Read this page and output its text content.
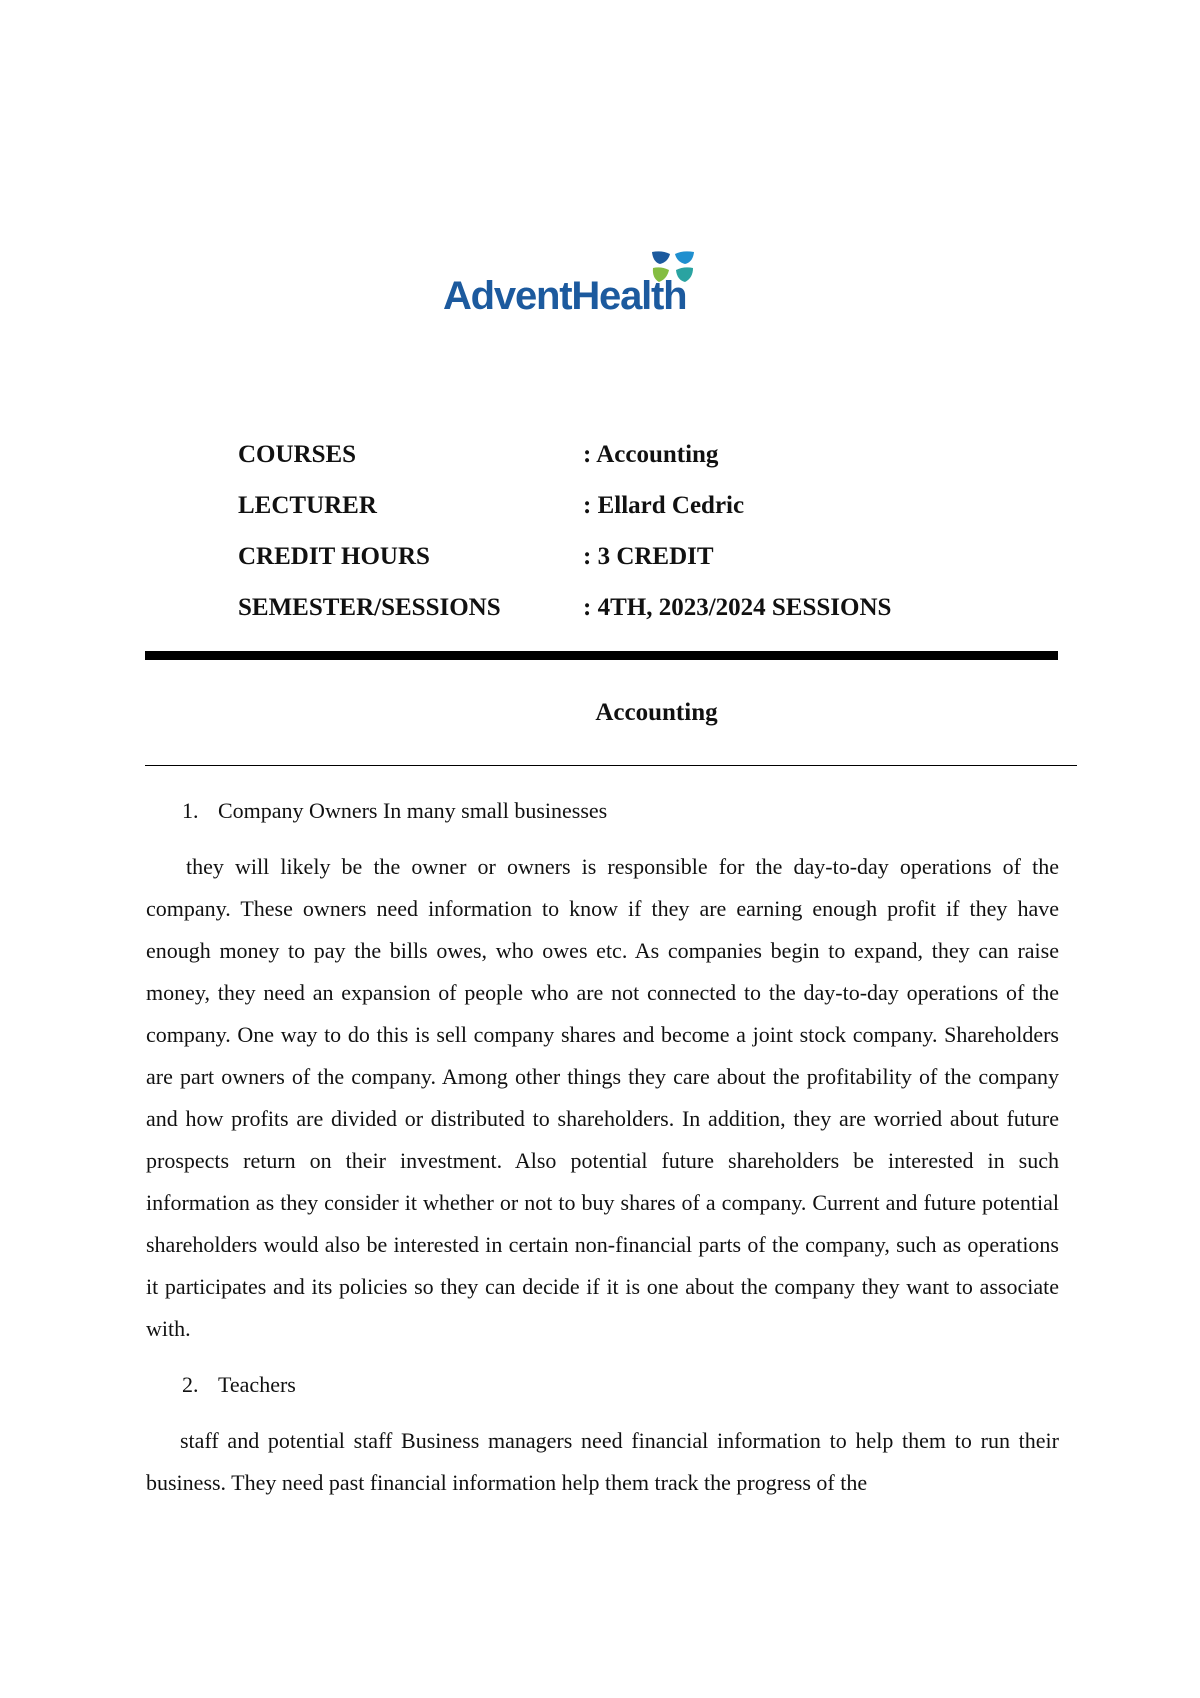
AdventHealth
COURSES	: Accounting
LECTURER	: Ellard Cedric
CREDIT HOURS	: 3 CREDIT
SEMESTER/SESSIONS	: 4TH, 2023/2024 SESSIONS
Accounting
1. Company Owners In many small businesses

they will likely be the owner or owners is responsible for the day-to-day operations of the company. These owners need information to know if they are earning enough profit if they have enough money to pay the bills owes, who owes etc. As companies begin to expand, they can raise money, they need an expansion of people who are not connected to the day-to-day operations of the company. One way to do this is sell company shares and become a joint stock company. Shareholders are part owners of the company. Among other things they care about the profitability of the company and how profits are divided or distributed to shareholders. In addition, they are worried about future prospects return on their investment. Also potential future shareholders be interested in such information as they consider it whether or not to buy shares of a company. Current and future potential shareholders would also be interested in certain non-financial parts of the company, such as operations it participates and its policies so they can decide if it is one about the company they want to associate with.

2. Teachers

staff and potential staff Business managers need financial information to help them to run their business. They need past financial information help them track the progress of the
